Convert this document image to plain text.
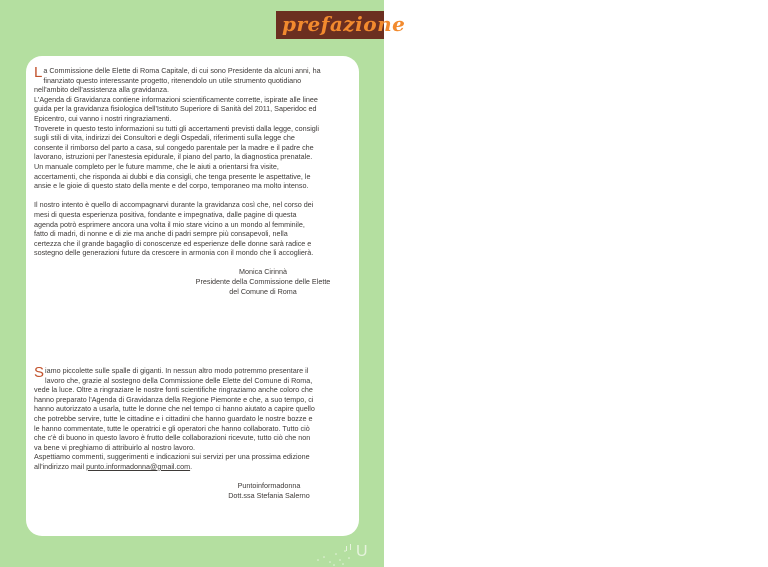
prefazione
L a Commissione delle Elette di Roma Capitale, di cui sono Presidente da alcuni anni, ha

finanziato questo interessante progetto, ritenendolo un utile strumento quotidiano

nell'ambito dell'assistenza alla gravidanza.

L'Agenda di Gravidanza contiene informazioni scientificamente corrette, ispirate alle linee

guida per la gravidanza fisiologica dell'Istituto Superiore di Sanità del 2011, Saperidoc ed

Epicentro, cui vanno i nostri ringraziamenti.

Troverete in questo testo informazioni su tutti gli accertamenti previsti dalla legge, consigli

sugli stili di vita, indirizzi dei Consultori e degli Ospedali, riferimenti sulla legge che

consente il rimborso del parto a casa, sul congedo parentale per la madre e il padre che

lavorano, istruzioni per l'anestesia epidurale, il piano del parto, la diagnostica prenatale.

Un manuale completo per le future mamme, che le aiuti a orientarsi fra visite,

accertamenti, che risponda ai dubbi e dia consigli, che tenga presente le aspettative, le

ansie e le gioie di questo stato della mente e del corpo, temporaneo ma molto intenso.

Il nostro intento è quello di accompagnarvi durante la gravidanza così che, nel corso dei

mesi di questa esperienza positiva, fondante e impegnativa, dalle pagine di questa

agenda potrò esprimere ancora una volta il mio stare vicino a un mondo al femminile,

fatto di madri, di nonne e di zie ma anche di padri sempre più consapevoli, nella

certezza che il grande bagaglio di conoscenze ed esperienze delle donne sarà radice e

sostegno delle generazioni future da crescere in armonia con il mondo che li accoglierà.

Monica Cirinnà

Presidente della Commissione delle Elette

del Comune di Roma

S iamo piccolette sulle spalle di giganti. In nessun altro modo potremmo presentare il

lavoro che, grazie al sostegno della Commissione delle Elette del Comune di Roma,

vede la luce. Oltre a ringraziare le nostre fonti scientifiche ringraziamo anche coloro che

hanno preparato l'Agenda di Gravidanza della Regione Piemonte e che, a suo tempo, ci

hanno autorizzato a usarla, tutte le donne che nel tempo ci hanno aiutato a capire quello

che potrebbe servire, tutte le cittadine e i cittadini che hanno guardato le nostre bozze e

le hanno commentate, tutte le operatrici e gli operatori che hanno collaborato. Tutto ciò

che c'è di buono in questo lavoro è frutto delle collaborazioni ricevute, tutto ciò che non

va bene vi preghiamo di attribuirlo al nostro lavoro.

Aspettiamo commenti, suggerimenti e indicazioni sui servizi per una prossima edizione

all'indirizzo mail punto.informadonna@gmail.com.

Puntoinformadonna

Dott.ssa Stefania Salerno

U
